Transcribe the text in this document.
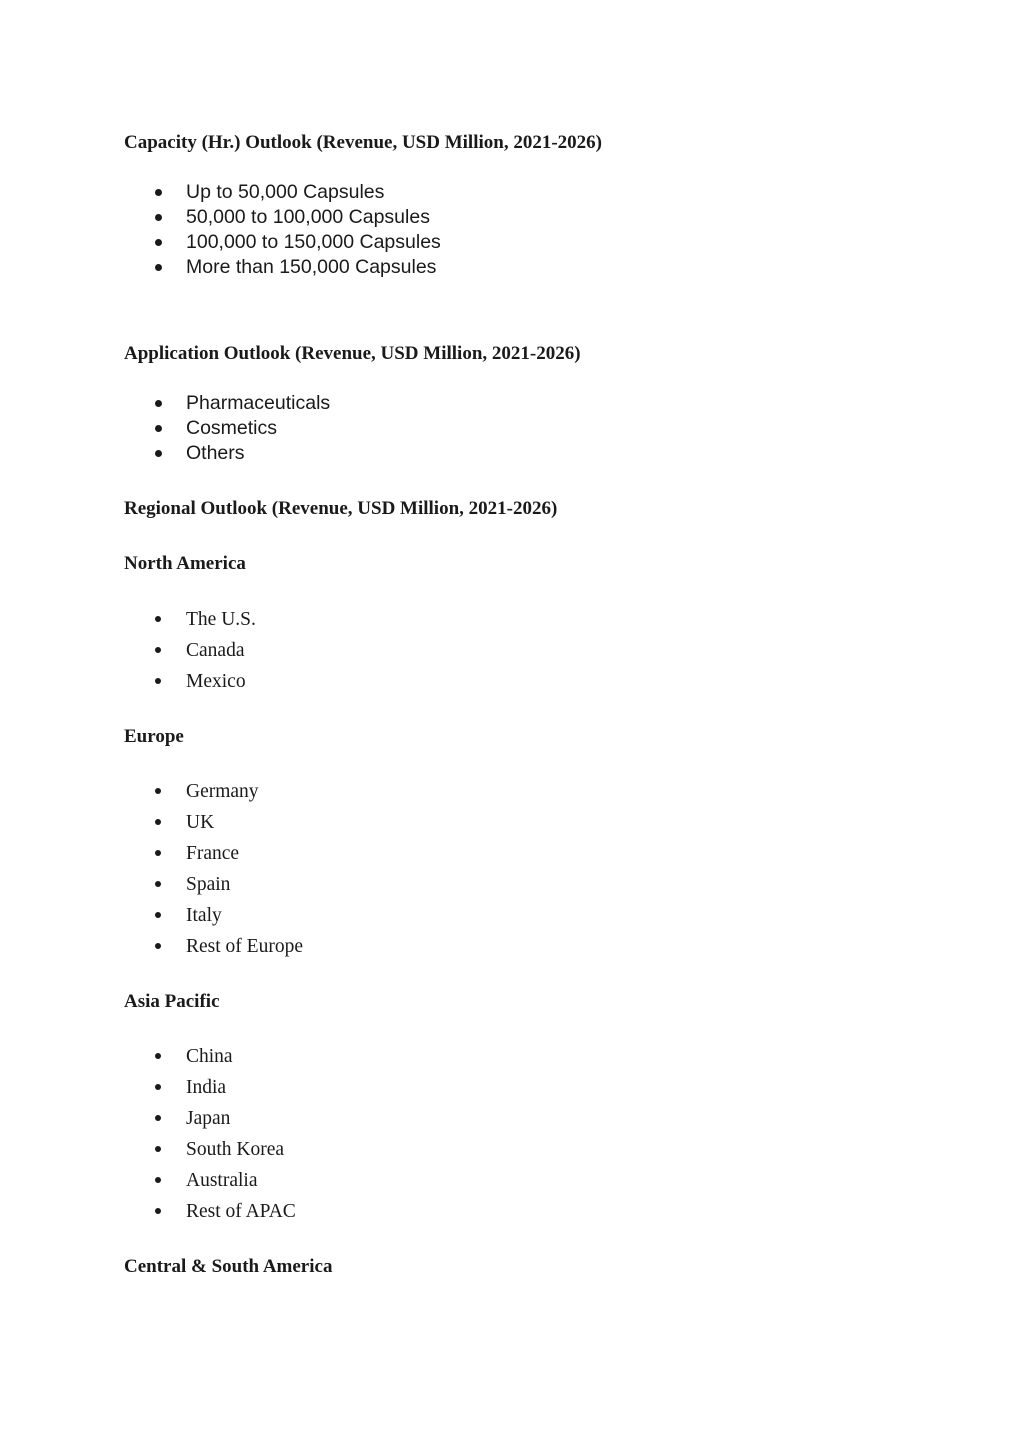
Capacity (Hr.) Outlook (Revenue, USD Million, 2021-2026)
Up to 50,000 Capsules
50,000 to 100,000 Capsules
100,000 to 150,000 Capsules
More than 150,000 Capsules
Application Outlook (Revenue, USD Million, 2021-2026)
Pharmaceuticals
Cosmetics
Others
Regional Outlook (Revenue, USD Million, 2021-2026)
North America
The U.S.
Canada
Mexico
Europe
Germany
UK
France
Spain
Italy
Rest of Europe
Asia Pacific
China
India
Japan
South Korea
Australia
Rest of APAC
Central & South America
